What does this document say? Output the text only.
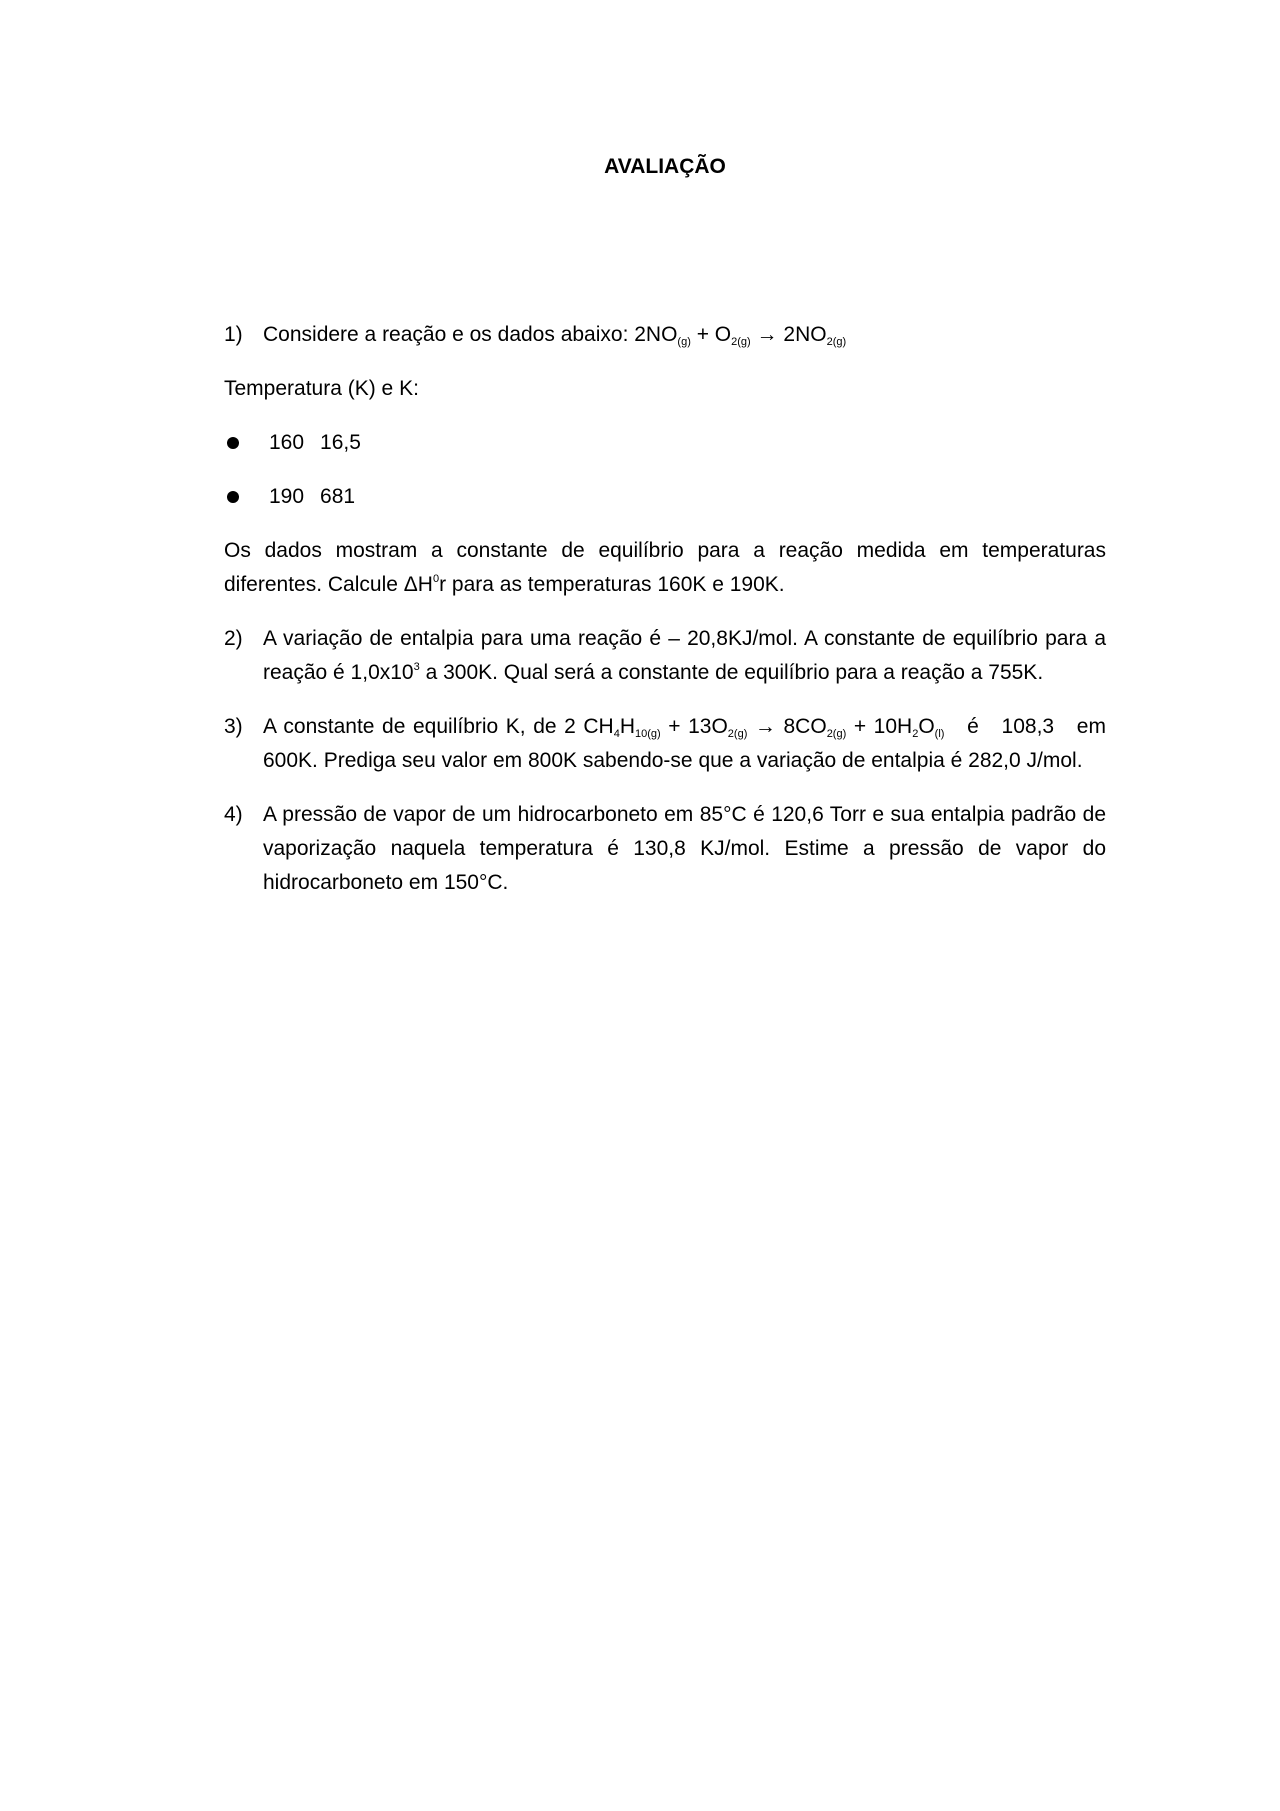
AVALIAÇÃO

1) Considere a reação e os dados abaixo: $2NO_{(g)} + O_{2(g)} \to 2NO_{2(g)}$

Temperatura (K) e K:

160 16,5
190 681

Os dados mostram a constante de equilíbrio para a reação medida em temperaturas diferentes. Calcule $\Delta H^0r$ para as temperaturas 160K e 190K.

2) A variação de entalpia para uma reação é – 20,8KJ/mol. A constante de equilíbrio para a reação é $1,0x10^3$ a 300K. Qual será a constante de equilíbrio para a reação a 755K.
3) A constante de equilíbrio K, de 2 $CH_4H_{10(g)} + 13O_{2(g)} \to 8CO_{2(g)} + 10H_2O_{(l)}$   é   108,3   em 600K. Prediga seu valor em 800K sabendo-se que a variação de entalpia é 282,0 J/mol.
4) A pressão de vapor de um hidrocarboneto em 85°C é 120,6 Torr e sua entalpia padrão de vaporização naquela temperatura é 130,8 KJ/mol. Estime a pressão de vapor do hidrocarboneto em 150°C.
